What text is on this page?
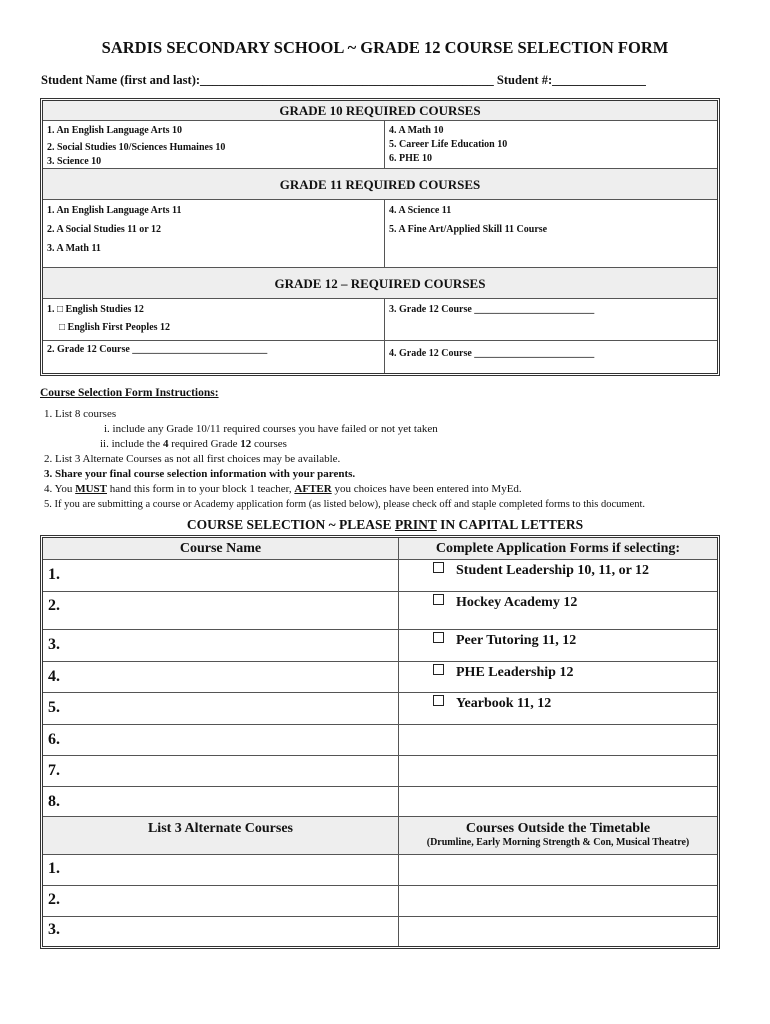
SARDIS SECONDARY SCHOOL ~ GRADE 12 COURSE SELECTION FORM
Student Name (first and last):_______________________________________________ Student #:_______________
GRADE 10 REQUIRED COURSES
1. An English Language Arts 10
2. Social Studies 10/Sciences Humaines 10
3. Science 10
4. A Math 10
5. Career Life Education 10
6. PHE 10
GRADE 11 REQUIRED COURSES
1. An English Language Arts 11
2. A Social Studies 11 or 12
3. A Math 11
4. A Science 11
5. A Fine Art/Applied Skill 11 Course
GRADE 12 – REQUIRED COURSES
1. □ English Studies 12
□ English First Peoples 12
3. Grade 12 Course ________________________
2. Grade 12 Course ___________________________	4. Grade 12 Course ________________________
Course Selection Form Instructions:
1. List 8 courses
i. include any Grade 10/11 required courses you have failed or not yet taken
ii. include the 4 required Grade 12 courses
2. List 3 Alternate Courses as not all first choices may be available.
3. Share your final course selection information with your parents.
4. You MUST hand this form in to your block 1 teacher, AFTER you choices have been entered into MyEd.
5. If you are submitting a course or Academy application form (as listed below), please check off and staple completed forms to this document.
COURSE SELECTION ~ PLEASE PRINT IN CAPITAL LETTERS
Course Name	Complete Application Forms if selecting:
1.	Student Leadership 10, 11, or 12
2.	Hockey Academy 12
3.	Peer Tutoring 11, 12
4.	PHE Leadership 12
5.	Yearbook 11, 12
6.
7.
8.
List 3 Alternate Courses	Courses Outside the Timetable
(Drumline, Early Morning Strength & Con, Musical Theatre)
1.
2.
3.
